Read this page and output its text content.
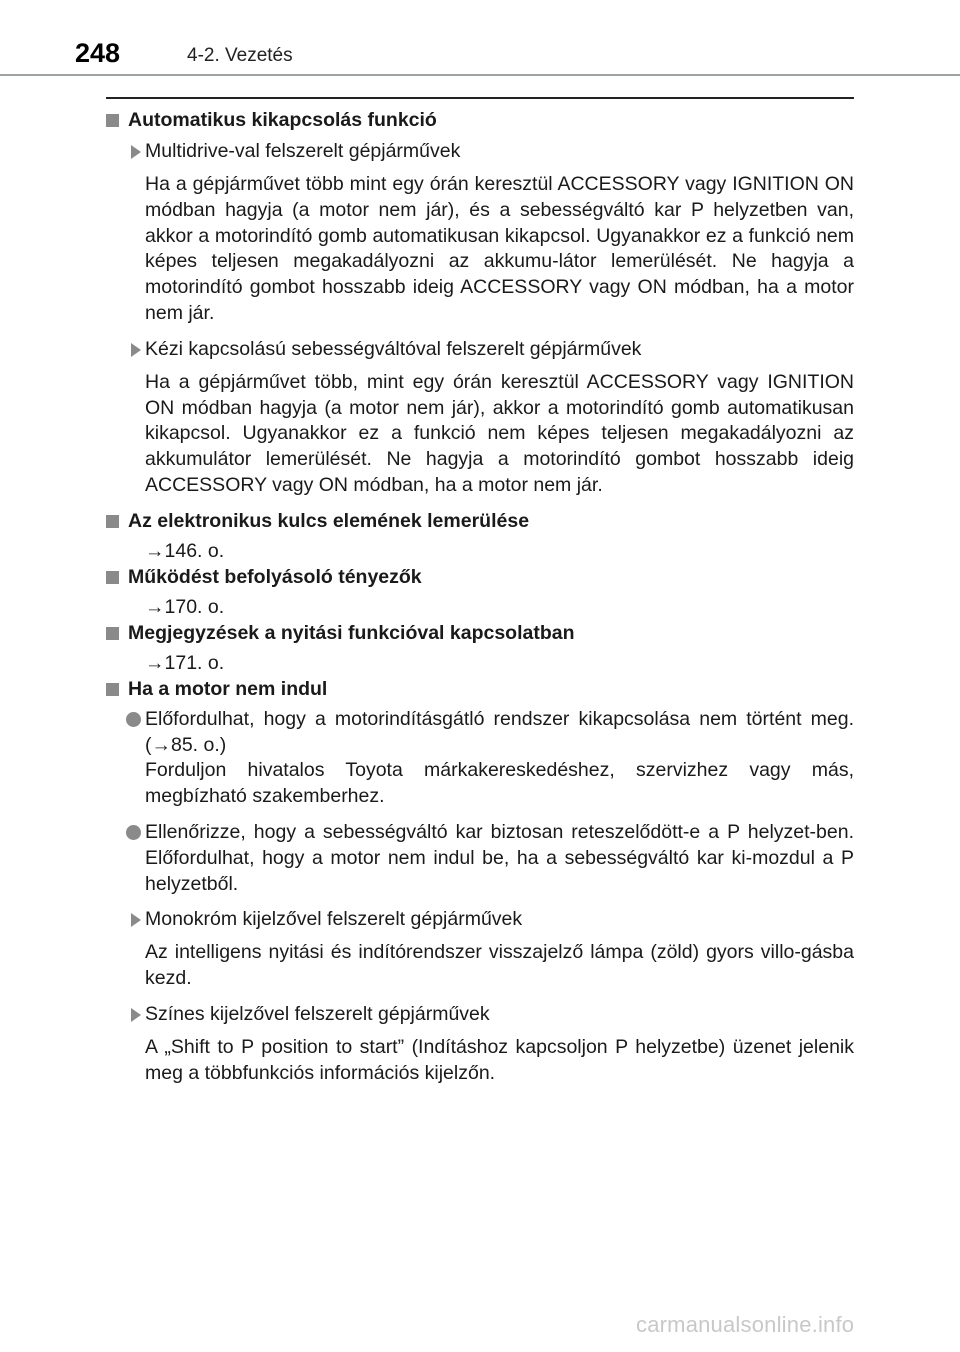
248	4-2. Vezetés
Automatikus kikapcsolás funkció
Multidrive-val felszerelt gépjárművek
Ha a gépjárművet több mint egy órán keresztül ACCESSORY vagy IGNITION ON módban hagyja (a motor nem jár), és a sebességváltó kar P helyzetben van, akkor a motorindító gomb automatikusan kikapcsol. Ugyanakkor ez a funkció nem képes teljesen megakadályozni az akkumu-látor lemerülését. Ne hagyja a motorindító gombot hosszabb ideig ACCESSORY vagy ON módban, ha a motor nem jár.
Kézi kapcsolású sebességváltóval felszerelt gépjárművek
Ha a gépjárművet több, mint egy órán keresztül ACCESSORY vagy IGNITION ON módban hagyja (a motor nem jár), akkor a motorindító gomb automatikusan kikapcsol. Ugyanakkor ez a funkció nem képes teljesen megakadályozni az akkumulátor lemerülését. Ne hagyja a motorindító gombot hosszabb ideig ACCESSORY vagy ON módban, ha a motor nem jár.
Az elektronikus kulcs elemének lemerülése
→146. o.
Működést befolyásoló tényezők
→170. o.
Megjegyzések a nyitási funkcióval kapcsolatban
→171. o.
Ha a motor nem indul
Előfordulhat, hogy a motorindításgátló rendszer kikapcsolása nem történt meg. (→85. o.)
Forduljon hivatalos Toyota márkakereskedéshez, szervizhez vagy más, megbízható szakemberhez.
Ellenőrizze, hogy a sebességváltó kar biztosan reteszelődött-e a P helyzet-ben. Előfordulhat, hogy a motor nem indul be, ha a sebességváltó kar ki-mozdul a P helyzetből.
Monokróm kijelzővel felszerelt gépjárművek
Az intelligens nyitási és indítórendszer visszajelző lámpa (zöld) gyors villo-gásba kezd.
Színes kijelzővel felszerelt gépjárművek
A „Shift to P position to start” (Indításhoz kapcsoljon P helyzetbe) üzenet jelenik meg a többfunkciós információs kijelzőn.
carmanualsonline.info
